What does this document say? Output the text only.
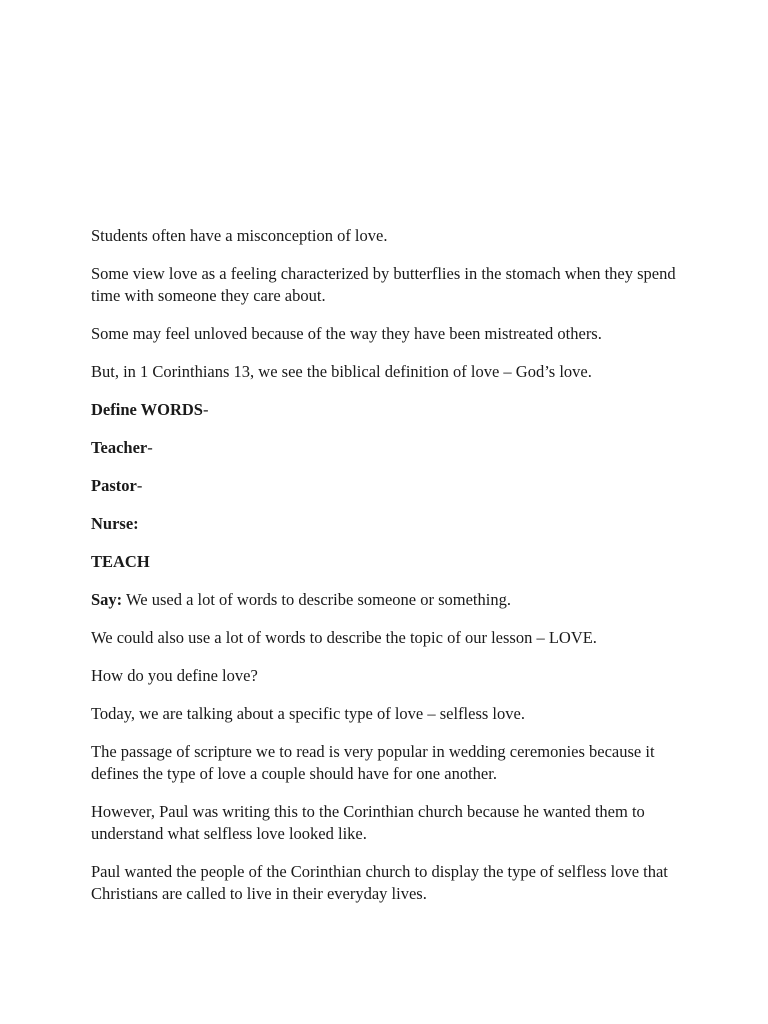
Students often have a misconception of love.

Some view love as a feeling characterized by butterflies in the stomach when they spend time with someone they care about.

Some may feel unloved because of the way they have been mistreated others.

But, in 1 Corinthians 13, we see the biblical definition of love – God’s love.

Define WORDS-

Teacher-

Pastor-

Nurse:

TEACH

Say: We used a lot of words to describe someone or something.

We could also use a lot of words to describe the topic of our lesson – LOVE.

How do you define love?

Today, we are talking about a specific type of love – selfless love.

The passage of scripture we to read is very popular in wedding ceremonies because it defines the type of love a couple should have for one another.

However, Paul was writing this to the Corinthian church because he wanted them to understand what selfless love looked like.

Paul wanted the people of the Corinthian church to display the type of selfless love that Christians are called to live in their everyday lives.
